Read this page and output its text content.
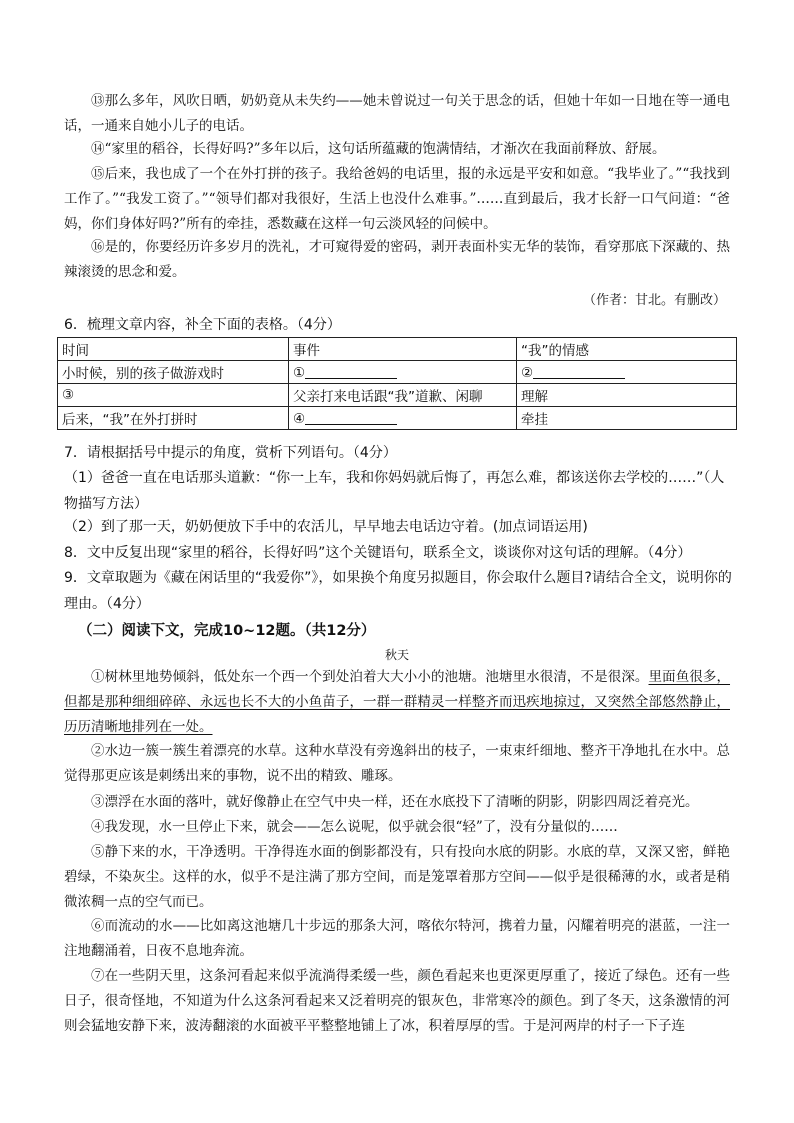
⑬那么多年，风吹日晒，奶奶竟从未失约——她未曾说过一句关于思念的话，但她十年如一日地在等一通电话，一通来自她小儿子的电话。
⑭“家里的稻谷，长得好吗?”多年以后，这句话所蕴藏的饱满情结，才渐次在我面前释放、舒展。
⑮后来，我也成了一个在外打拼的孩子。我给爸妈的电话里，报的永远是平安和如意。“我毕业了。”“我找到工作了。”“我发工资了。”“领导们都对我很好，生活上也没什么难事。”……直到最后，我才长舒一口气问道：“爸妈，你们身体好吗?”所有的牵挂，悉数藏在这样一句云淡风轻的问候中。
⑯是的，你要经历许多岁月的洗礼，才可窥得爱的密码，剥开表面朴实无华的装饰，看穿那底下深藏的、热辣滚烫的思念和爱。
（作者：甘北。有删改）
6．梳理文章内容，补全下面的表格。（4分）
时间	事件	“我”的情感
小时候，别的孩子做游戏时	①	②
③	父亲打来电话跟“我”道歉、闲聊	理解
后来，“我”在外打拼时	④	牵挂
7．请根据括号中提示的角度，赏析下列语句。（4分）
（1）爸爸一直在电话那头道歉：“你一上车，我和你妈妈就后悔了，再怎么难，都该送你去学校的……”（人物描写方法）
（2）到了那一天，奶奶便放下手中的农活儿，早早地去电话边守着。(加点词语运用)
8．文中反复出现“家里的稻谷，长得好吗”这个关键语句，联系全文，谈谈你对这句话的理解。（4分）
9．文章取题为《藏在闲话里的“我爱你”》，如果换个角度另拟题目，你会取什么题目?请结合全文，说明你的理由。（4分）
（二）阅读下文，完成10~12题。（共12分）
秋天
①树林里地势倾斜，低处东一个西一个到处泊着大大小小的池塘。池塘里水很清，不是很深。里面鱼很多，但都是那种细细碎碎、永远也长不大的小鱼苗子，一群一群精灵一样整齐而迅疾地掠过，又突然全部悠然静止，历历清晰地排列在一处。
②水边一簇一簇生着漂亮的水草。这种水草没有旁逸斜出的枝子，一束束纤细地、整齐干净地扎在水中。总觉得那更应该是刺绣出来的事物，说不出的精致、雕琢。
③漂浮在水面的落叶，就好像静止在空气中央一样，还在水底投下了清晰的阴影，阴影四周泛着亮光。
④我发现，水一旦停止下来，就会——怎么说呢，似乎就会很“轻”了，没有分量似的……
⑤静下来的水，干净透明。干净得连水面的倒影都没有，只有投向水底的阴影。水底的草，又深又密，鲜艳碧绿，不染灰尘。这样的水，似乎不是注满了那方空间，而是笼罩着那方空间——似乎是很稀薄的水，或者是稍微浓稠一点的空气而已。
⑥而流动的水——比如离这池塘几十步远的那条大河，喀依尔特河，携着力量，闪耀着明亮的湛蓝，一注一注地翻涌着，日夜不息地奔流。
⑦在一些阴天里，这条河看起来似乎流淌得柔缓一些，颜色看起来也更深更厚重了，接近了绿色。还有一些日子，很奇怪地，不知道为什么这条河看起来又泛着明亮的银灰色，非常寒冷的颜色。到了冬天，这条激情的河则会猛地安静下来，波涛翻滚的水面被平平整整地铺上了冰，积着厚厚的雪。于是河两岸的村子一下子连
